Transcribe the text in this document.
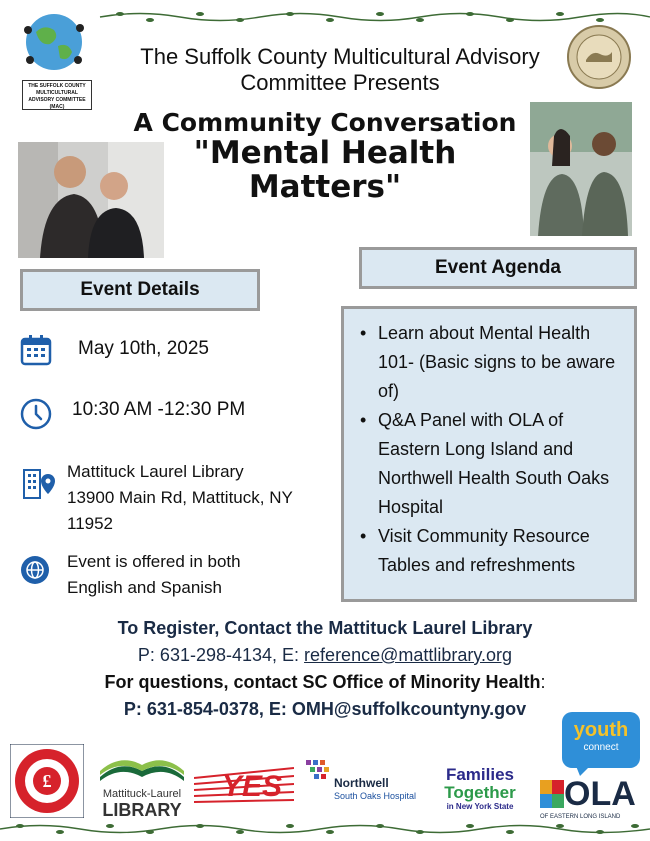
THE SUFFOLK COUNTY MULTICULTURAL ADVISORY COMMITTEE (MAC)
The Suffolk County Multicultural Advisory
Committee Presents
A Community Conversation
"Mental Health
Matters"
Event Details
Event Agenda
May 10th, 2025
10:30 AM -12:30 PM
Mattituck Laurel Library
13900 Main Rd, Mattituck, NY
11952
Event is offered in both
English and Spanish
• Learn about Mental Health 101- (Basic signs to be aware of)
• Q&A Panel with OLA of Eastern Long Island and Northwell Health South Oaks Hospital
• Visit Community Resource Tables and refreshments
To Register, Contact the Mattituck Laurel Library
P: 631-298-4134, E: reference@mattlibrary.org
For questions, contact SC Office of Minority Health:
P: 631-854-0378, E: OMH@suffolkcountyny.gov
£
Mattituck-Laurel
LIBRARY
YES	Northwell
South Oaks Hospital
Families
Together
in New York State
youth
connect
OLA
OF EASTERN LONG ISLAND
